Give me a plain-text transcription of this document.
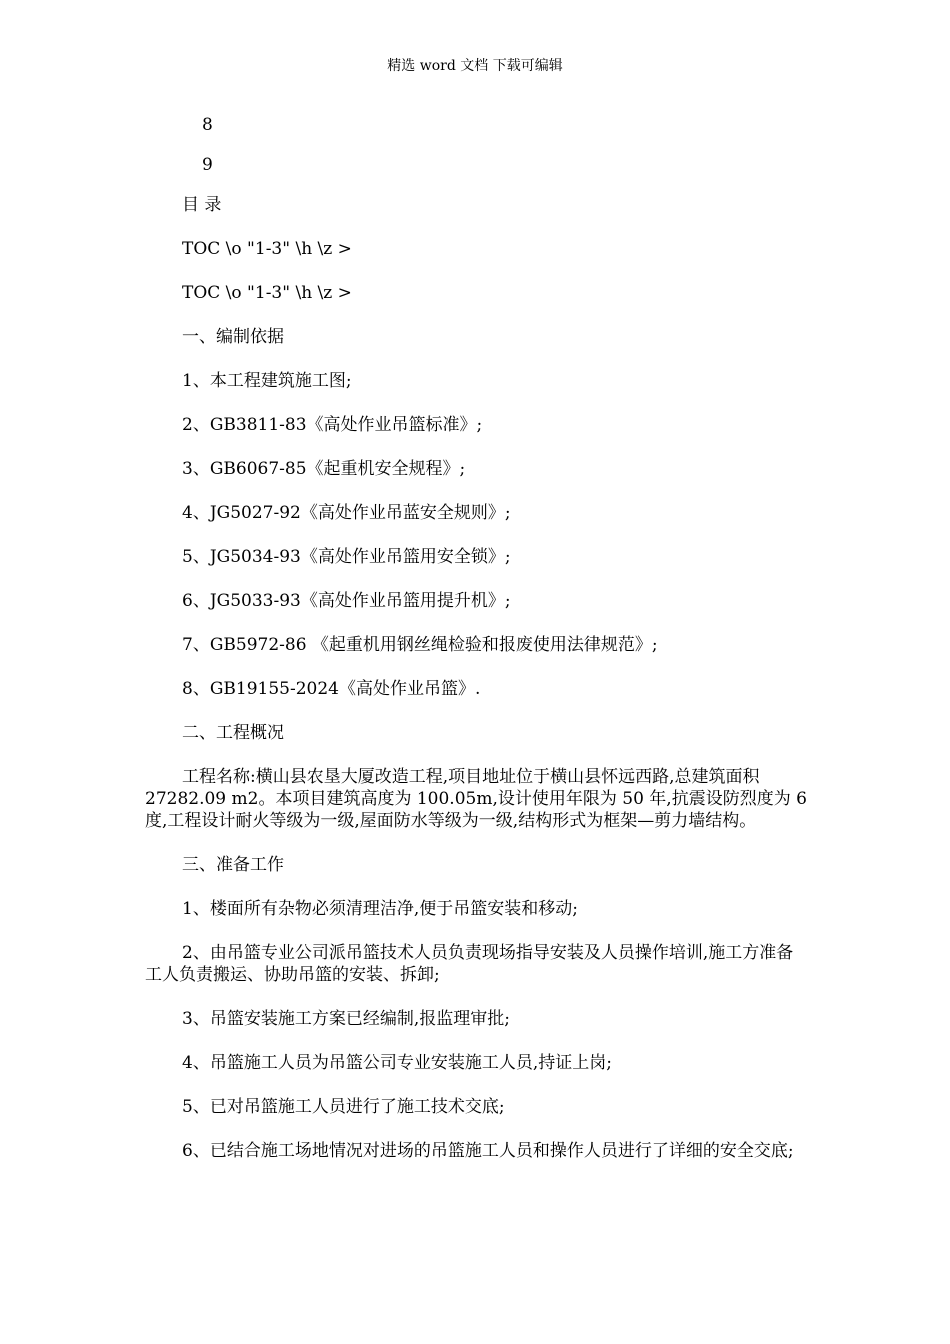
精选 word 文档 下载可编辑

8

9

目 录

TOC \o "1-3" \h \z >

TOC \o "1-3" \h \z >

一、编制依据

1、本工程建筑施工图;

2、GB3811-83《高处作业吊篮标准》;

3、GB6067-85《起重机安全规程》;

4、JG5027-92《高处作业吊蓝安全规则》;

5、JG5034-93《高处作业吊篮用安全锁》;

6、JG5033-93《高处作业吊篮用提升机》;

7、GB5972-86 《起重机用钢丝绳检验和报废使用法律规范》;

8、GB19155-2024《高处作业吊篮》.

二、工程概况

工程名称:横山县农垦大厦改造工程,项目地址位于横山县怀远西路,总建筑面积 27282.09 m2。本项目建筑高度为 100.05m,设计使用年限为 50 年,抗震设防烈度为 6 度,工程设计耐火等级为一级,屋面防水等级为一级,结构形式为框架—剪力墙结构。

三、准备工作

1、楼面所有杂物必须清理洁净,便于吊篮安装和移动;

2、由吊篮专业公司派吊篮技术人员负责现场指导安装及人员操作培训,施工方准备工人负责搬运、协助吊篮的安装、拆卸;

3、吊篮安装施工方案已经编制,报监理审批;

4、吊篮施工人员为吊篮公司专业安装施工人员,持证上岗;

5、已对吊篮施工人员进行了施工技术交底;

6、已结合施工场地情况对进场的吊篮施工人员和操作人员进行了详细的安全交底;
